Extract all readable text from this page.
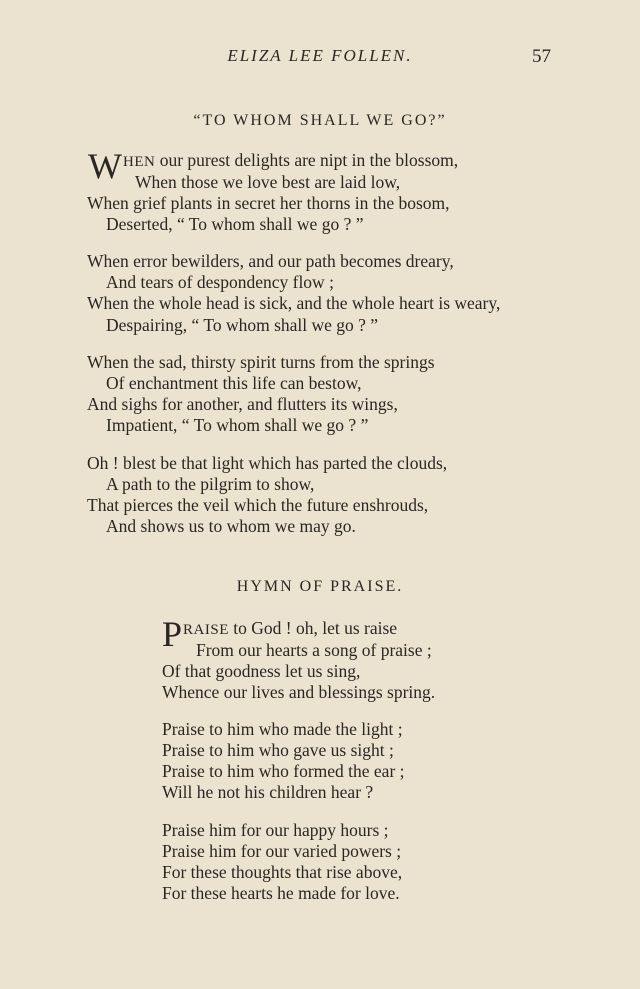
ELIZA LEE FOLLEN.	57
“TO WHOM SHALL WE GO?”
WHEN our purest delights are nipt in the blossom,
When those we love best are laid low,
When grief plants in secret her thorns in the bosom,
Deserted, “ To whom shall we go ? ”
When error bewilders, and our path becomes dreary,
And tears of despondency flow ;
When the whole head is sick, and the whole heart is weary,
Despairing, “ To whom shall we go ? ”
When the sad, thirsty spirit turns from the springs
Of enchantment this life can bestow,
And sighs for another, and flutters its wings,
Impatient, “ To whom shall we go ? ”
Oh ! blest be that light which has parted the clouds,
A path to the pilgrim to show,
That pierces the veil which the future enshrouds,
And shows us to whom we may go.
HYMN OF PRAISE.
PRAISE to God ! oh, let us raise
From our hearts a song of praise ;
Of that goodness let us sing,
Whence our lives and blessings spring.
Praise to him who made the light ;
Praise to him who gave us sight ;
Praise to him who formed the ear ;
Will he not his children hear ?
Praise him for our happy hours ;
Praise him for our varied powers ;
For these thoughts that rise above,
For these hearts he made for love.
